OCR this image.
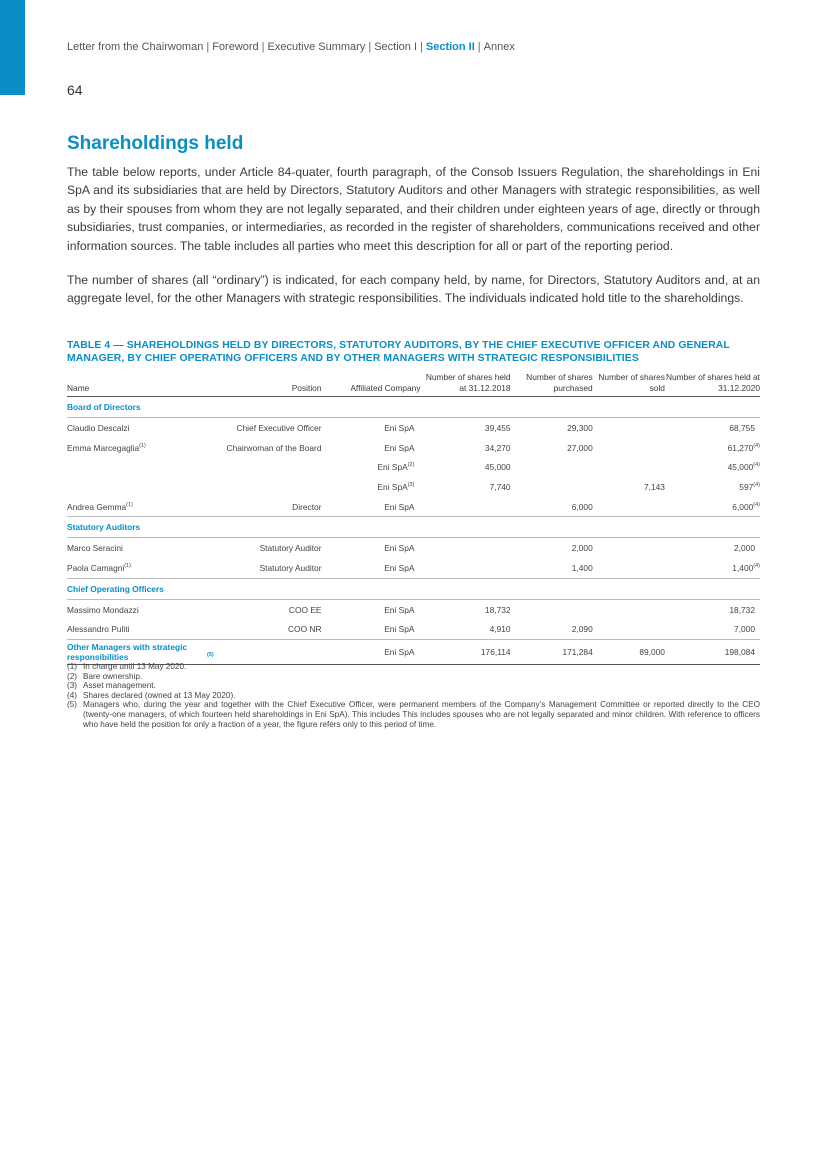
Letter from the Chairwoman | Foreword | Executive Summary | Section I | Section II | Annex
64
Shareholdings held

The table below reports, under Article 84-quater, fourth paragraph, of the Consob Issuers Regulation, the shareholdings in Eni SpA and its subsidiaries that are held by Directors, Statutory Auditors and other Managers with strategic responsibilities, as well as by their spouses from whom they are not legally separated, and their children under eighteen years of age, directly or through subsidiaries, trust companies, or intermediaries, as recorded in the register of shareholders, communications received and other information sources. The table includes all parties who meet this description for all or part of the reporting period.

The number of shares (all “ordinary”) is indicated, for each company held, by name, for Directors, Statutory Auditors and, at an aggregate level, for the other Managers with strategic responsibilities. The individuals indicated hold title to the shareholdings.

TABLE 4 — SHAREHOLDINGS HELD BY DIRECTORS, STATUTORY AUDITORS, BY THE CHIEF EXECUTIVE OFFICER AND GENERAL MANAGER, BY CHIEF OPERATING OFFICERS AND BY OTHER MANAGERS WITH STRATEGIC RESPONSIBILITIES
Name	Position	Affiliated Company	Number of shares held at 31.12.2018	Number of shares purchased	Number of shares sold	Number of shares held at 31.12.2020
Board of Directors						
Claudio Descalzi	Chief Executive Officer	Eni SpA	39,455	29,300		68,755
Emma Marcegaglia$^{(1)}$	Chairwoman of the Board	Eni SpA	34,270	27,000		61,270$^{(4)}$
		Eni SpA$^{(2)}$	45,000			45,000$^{(4)}$
		Eni SpA$^{(3)}$	7,740		7,143	597$^{(4)}$
Andrea Gemma$^{(1)}$	Director	Eni SpA		6,000		6,000$^{(4)}$
Statutory Auditors						
Marco Seracini	Statutory Auditor	Eni SpA		2,000		2,000
Paola Camagni$^{(1)}$	Statutory Auditor	Eni SpA		1,400		1,400$^{(4)}$
Chief Operating Officers						
Massimo Mondazzi	COO EE	Eni SpA	18,732			18,732
Alessandro Puliti	COO NR	Eni SpA	4,910	2,090		7,000
Other Managers with strategic responsibilities $^{(5)}$		Eni SpA	176,114	171,284	89,000	198,084
(1) In charge until 13 May 2020.
(2) Bare ownership.
(3) Asset management.
(4) Shares declared (owned at 13 May 2020).
(5) Managers who, during the year and together with the Chief Executive Officer, were permanent members of the Company’s Management Committee or reported directly to the CEO (twenty-one managers, of which fourteen held shareholdings in Eni SpA). This includes This includes spouses who are not legally separated and minor children. With reference to officers who have held the position for only a fraction of a year, the figure refers only to this period of time.
